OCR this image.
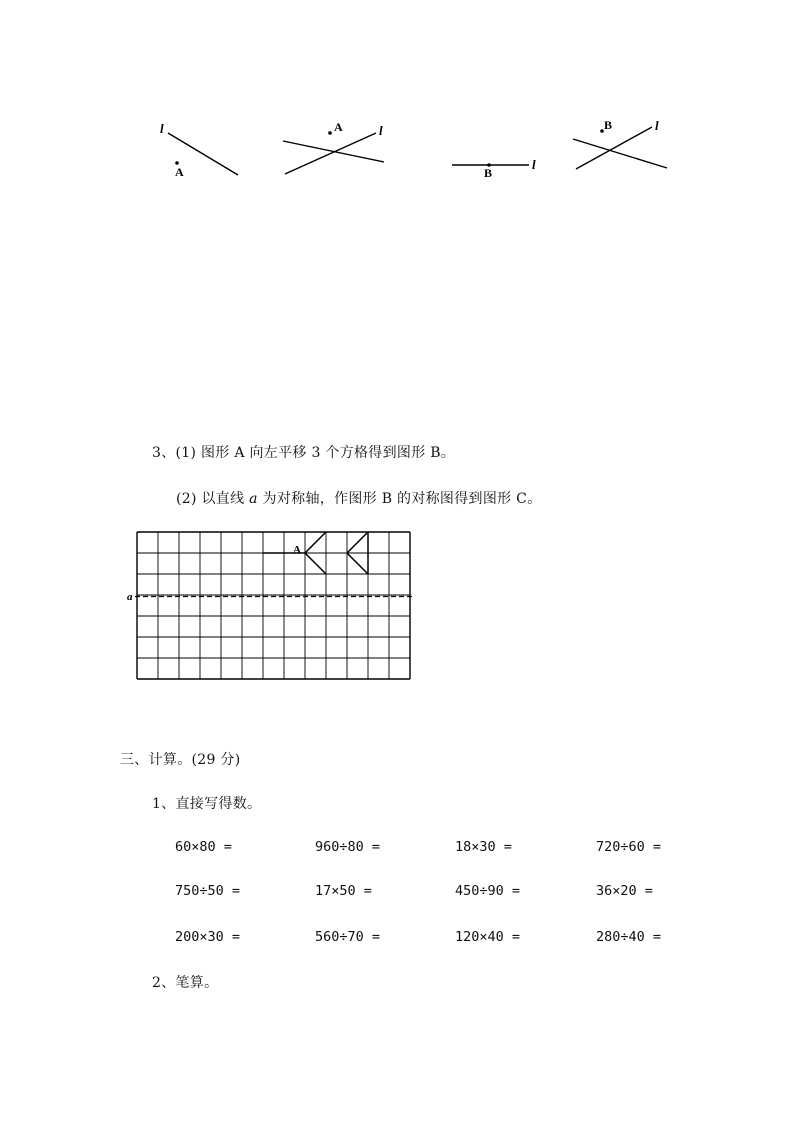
l
A
l
A
l
B
l
B
3、(1) 图形 A 向左平移 3 个方格得到图形 B。
(2) 以直线 a 为对称轴，作图形 B 的对称图得到图形 C。
a
A
三、计算。(29 分)
1、直接写得数。
60×80 =	960÷80 =	18×30 =	720÷60 =
750÷50 =	17×50 =	450÷90 =	36×20 =
200×30 =	560÷70 =	120×40 =	280÷40 =
2、笔算。
